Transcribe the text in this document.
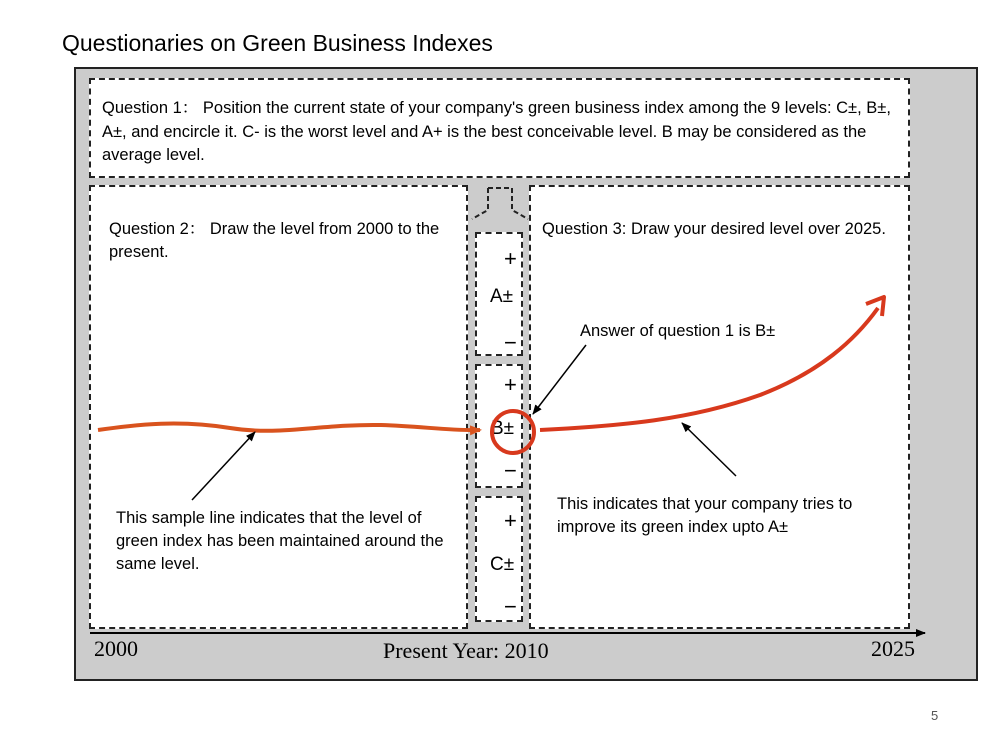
Questionaries on Green Business Indexes

Question 1： Position the current state of your company's green business index among the 9 levels: C±, B±, A±, and encircle it. C- is the worst level and A+ is the best conceivable level. B may be considered as the average level.

Question 2： Draw the level from 2000 to the present.
Question 3: Draw your desired level over 2025.
+
A±
−
+
B±
−
+
C±
−
This sample line indicates that the level of green index has been maintained around the same level.
Answer of question 1 is B±
This indicates that your company tries to improve its green index upto A±
2000	Present Year: 2010	2025
5
